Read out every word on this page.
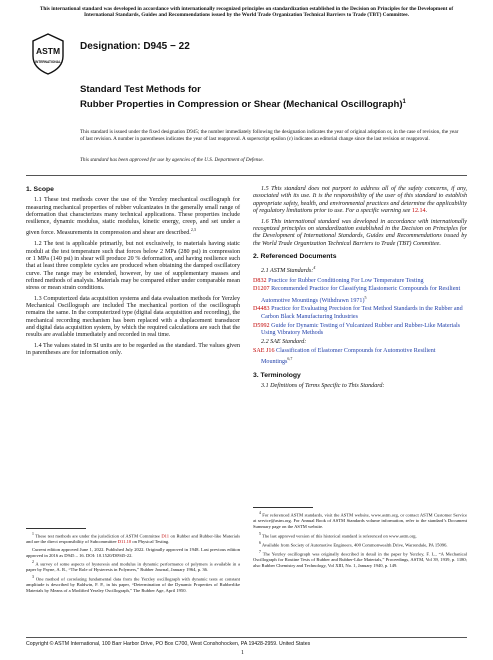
This international standard was developed in accordance with internationally recognized principles on standardization established in the Decision on Principles for the Development of International Standards, Guides and Recommendations issued by the World Trade Organization Technical Barriers to Trade (TBT) Committee.
ASTM
INTERNATIONAL
Designation: D945 − 22
Standard Test Methods for
Rubber Properties in Compression or Shear (Mechanical Oscillograph)$^1$
This standard is issued under the fixed designation D945; the number immediately following the designation indicates the year of original adoption or, in the case of revision, the year of last revision. A number in parentheses indicates the year of last reapproval. A superscript epsilon (ε) indicates an editorial change since the last revision or reapproval.
This standard has been approved for use by agencies of the U.S. Department of Defense.
1. Scope

1.1 These test methods cover the use of the Yerzley mechanical oscillograph for measuring mechanical properties of rubber vulcanizates in the generally small range of deformation that characterizes many technical applications. These properties include resilience, dynamic modulus, static modulus, kinetic energy, creep, and set under a given force. Measurements in compression and shear are described.$^{2,3}$

1.2 The test is applicable primarily, but not exclusively, to materials having static moduli at the test temperature such that forces below 2 MPa (280 psi) in compression or 1 MPa (140 psi) in shear will produce 20 % deformation, and having resilience such that at least three complete cycles are produced when obtaining the damped oscillatory curve. The range may be extended, however, by use of supplementary masses and refined methods of analysis. Materials may be compared either under comparable mean stress or mean strain conditions.

1.3 Computerized data acquisition systems and data evaluation methods for Yerzley Mechanical Oscillograph are included The mechanical portion of the oscillograph remains the same. In the computerized type (digital data acquisition and recording), the mechanical recording mechanism has been replaced with a displacement transducer and digital data acquisition system, by which the required calculations are such that the results are available immediately and recorded in real time.

1.4 The values stated in SI units are to be regarded as the standard. The values given in parentheses are for information only.

$^1$ These test methods are under the jurisdiction of ASTM Committee D11 on Rubber and Rubber-like Materials and are the direct responsibility of Subcommittee D11.10 on Physical Testing.

Current edition approved June 1, 2022. Published July 2022. Originally approved in 1948. Last previous edition approved in 2016 as D945 – 16. DOI: 10.1520/D0945-22.

$^2$ A survey of some aspects of hysteresis and modulus in dynamic performance of polymers is available in a paper by Payne, A. R., “The Role of Hysteresis in Polymers,” Rubber Journal, January 1964, p. 36.

$^3$ One method of correlating fundamental data from the Yerzley oscillograph with dynamic tests at constant amplitude is described by Baldwin, F. P., in his paper, “Determination of the Dynamic Properties of Rubberlike Materials by Means of a Modified Yerzley Oscillograph,” The Rubber Age, April 1950.

1.5 This standard does not purport to address all of the safety concerns, if any, associated with its use. It is the responsibility of the user of this standard to establish appropriate safety, health, and environmental practices and determine the applicability of regulatory limitations prior to use. For a specific warning see 12.14.

1.6 This international standard was developed in accordance with internationally recognized principles on standardization established in the Decision on Principles for the Development of International Standards, Guides and Recommendations issued by the World Trade Organization Technical Barriers to Trade (TBT) Committee.

2. Referenced Documents

2.1 ASTM Standards:$^4$

D832 Practice for Rubber Conditioning For Low Temperature Testing

D1207 Recommended Practice for Classifying Elastomeric Compounds for Resilient Automotive Mountings (Withdrawn 1971)$^5$

D4483 Practice for Evaluating Precision for Test Method Standards in the Rubber and Carbon Black Manufacturing Industries

D5992 Guide for Dynamic Testing of Vulcanized Rubber and Rubber-Like Materials Using Vibratory Methods

2.2 SAE Standard:

SAE J16 Classification of Elastomer Compounds for Automotive Resilient Mountings$^{6,7}$

3. Terminology

3.1 Definitions of Terms Specific to This Standard:

$^4$ For referenced ASTM standards, visit the ASTM website, www.astm.org, or contact ASTM Customer Service at service@astm.org. For Annual Book of ASTM Standards volume information, refer to the standard’s Document Summary page on the ASTM website.

$^5$ The last approved version of this historical standard is referenced on www.astm.org.

$^6$ Available from Society of Automotive Engineers, 400 Commonwealth Drive, Warrendale, PA 15096.

$^7$ The Yerzley oscillograph was originally described in detail in the paper by Yerzley, F. L., “A Mechanical Oscillograph for Routine Tests of Rubber and Rubber-Like Materials,” Proceedings, ASTM, Vol 39, 1939, p. 1180; also Rubber Chemistry and Technology, Vol XIII, No. 1, January 1940, p. 149.

Copyright © ASTM International, 100 Barr Harbor Drive, PO Box C700, West Conshohocken, PA 19428-2959. United States
1
